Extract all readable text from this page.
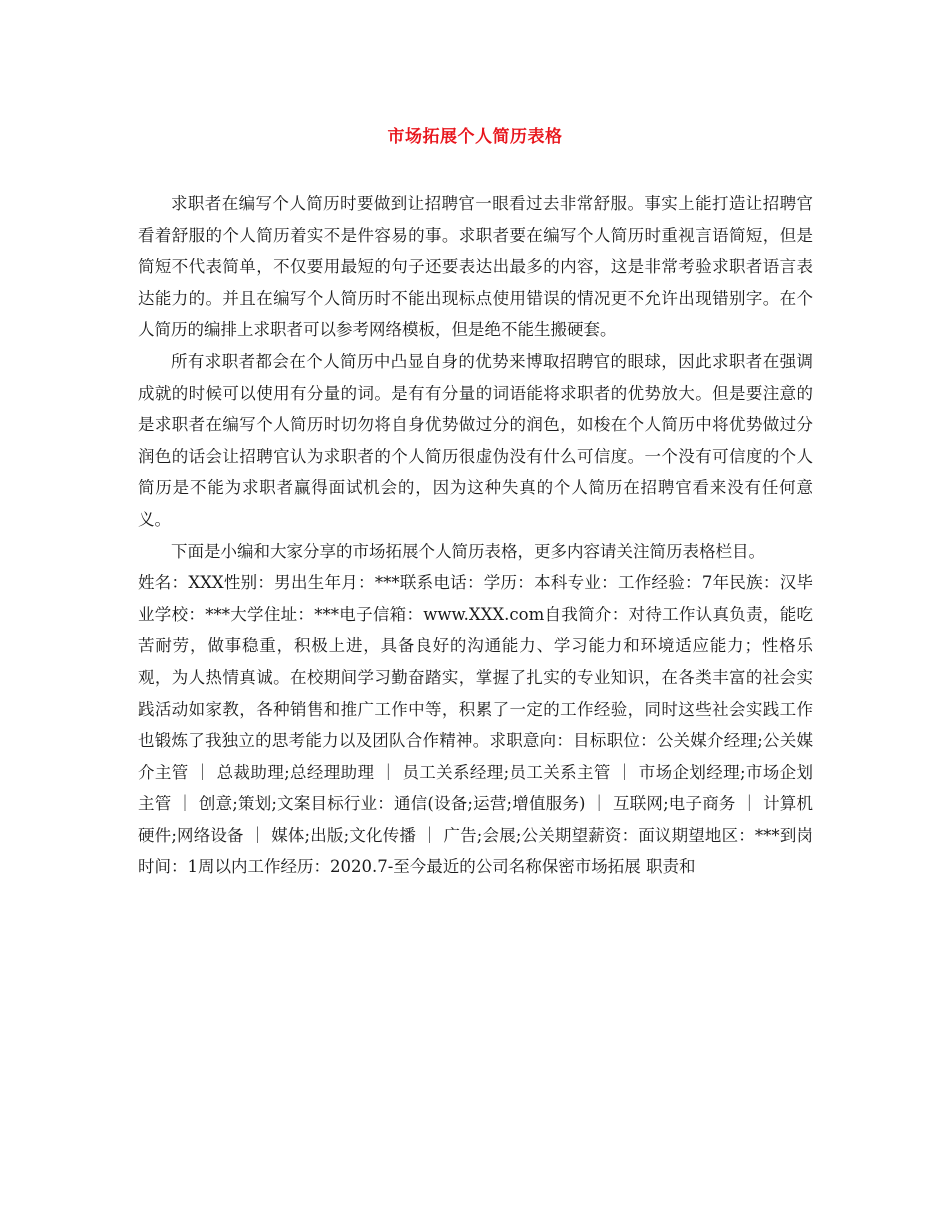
市场拓展个人简历表格

求职者在编写个人简历时要做到让招聘官一眼看过去非常舒服。事实上能打造让招聘官看着舒服的个人简历着实不是件容易的事。求职者要在编写个人简历时重视言语简短，但是简短不代表简单，不仅要用最短的句子还要表达出最多的内容，这是非常考验求职者语言表达能力的。并且在编写个人简历时不能出现标点使用错误的情况更不允许出现错别字。在个人简历的编排上求职者可以参考网络模板，但是绝不能生搬硬套。

所有求职者都会在个人简历中凸显自身的优势来博取招聘官的眼球，因此求职者在强调成就的时候可以使用有分量的词。是有有分量的词语能将求职者的优势放大。但是要注意的是求职者在编写个人简历时切勿将自身优势做过分的润色，如梭在个人简历中将优势做过分润色的话会让招聘官认为求职者的个人简历很虚伪没有什么可信度。一个没有可信度的个人简历是不能为求职者赢得面试机会的，因为这种失真的个人简历在招聘官看来没有任何意义。

下面是小编和大家分享的市场拓展个人简历表格，更多内容请关注简历表格栏目。

姓名：XXX性别：男出生年月：***联系电话：学历：本科专业：工作经验：7年民族：汉毕业学校：***大学住址：***电子信箱：www.XXX.com自我简介：对待工作认真负责，能吃苦耐劳，做事稳重，积极上进，具备良好的沟通能力、学习能力和环境适应能力；性格乐观，为人热情真诚。在校期间学习勤奋踏实，掌握了扎实的专业知识，在各类丰富的社会实践活动如家教，各种销售和推广工作中等，积累了一定的工作经验，同时这些社会实践工作也锻炼了我独立的思考能力以及团队合作精神。求职意向：目标职位：公关媒介经理;公关媒介主管 ｜ 总裁助理;总经理助理 ｜ 员工关系经理;员工关系主管 ｜ 市场企划经理;市场企划主管 ｜ 创意;策划;文案目标行业：通信(设备;运营;增值服务) ｜ 互联网;电子商务 ｜ 计算机硬件;网络设备 ｜ 媒体;出版;文化传播 ｜ 广告;会展;公关期望薪资：面议期望地区：***到岗时间：1周以内工作经历：2020.7-至今最近的公司名称保密市场拓展 职责和
